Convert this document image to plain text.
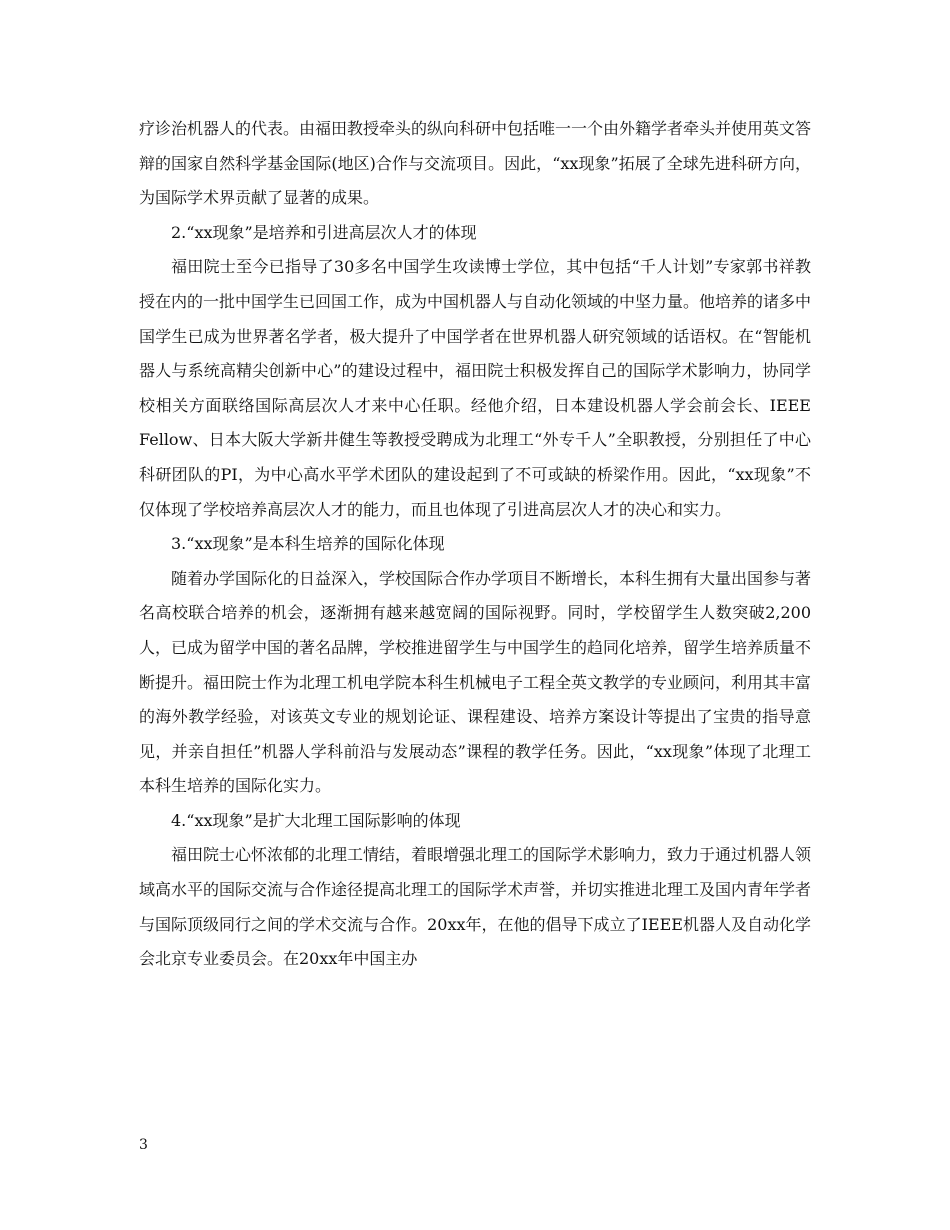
疗诊治机器人的代表。由福田教授牵头的纵向科研中包括唯一一个由外籍学者牵头并使用英文答辩的国家自然科学基金国际(地区)合作与交流项目。因此，“xx现象”拓展了全球先进科研方向，为国际学术界贡献了显著的成果。

2.“xx现象”是培养和引进高层次人才的体现

福田院士至今已指导了30多名中国学生攻读博士学位，其中包括“千人计划”专家郭书祥教授在内的一批中国学生已回国工作，成为中国机器人与自动化领域的中坚力量。他培养的诸多中国学生已成为世界著名学者，极大提升了中国学者在世界机器人研究领域的话语权。在“智能机器人与系统高精尖创新中心”的建设过程中，福田院士积极发挥自己的国际学术影响力，协同学校相关方面联络国际高层次人才来中心任职。经他介绍，日本建设机器人学会前会长、IEEE Fellow、日本大阪大学新井健生等教授受聘成为北理工“外专千人”全职教授，分别担任了中心科研团队的PI，为中心高水平学术团队的建设起到了不可或缺的桥梁作用。因此，“xx现象”不仅体现了学校培养高层次人才的能力，而且也体现了引进高层次人才的决心和实力。

3.“xx现象”是本科生培养的国际化体现

随着办学国际化的日益深入，学校国际合作办学项目不断增长，本科生拥有大量出国参与著名高校联合培养的机会，逐渐拥有越来越宽阔的国际视野。同时，学校留学生人数突破2,200人，已成为留学中国的著名品牌，学校推进留学生与中国学生的趋同化培养，留学生培养质量不断提升。福田院士作为北理工机电学院本科生机械电子工程全英文教学的专业顾问，利用其丰富的海外教学经验，对该英文专业的规划论证、课程建设、培养方案设计等提出了宝贵的指导意见，并亲自担任”机器人学科前沿与发展动态”课程的教学任务。因此，“xx现象”体现了北理工本科生培养的国际化实力。

4.“xx现象”是扩大北理工国际影响的体现

福田院士心怀浓郁的北理工情结，着眼增强北理工的国际学术影响力，致力于通过机器人领域高水平的国际交流与合作途径提高北理工的国际学术声誉，并切实推进北理工及国内青年学者与国际顶级同行之间的学术交流与合作。20xx年，在他的倡导下成立了IEEE机器人及自动化学会北京专业委员会。在20xx年中国主办

3
